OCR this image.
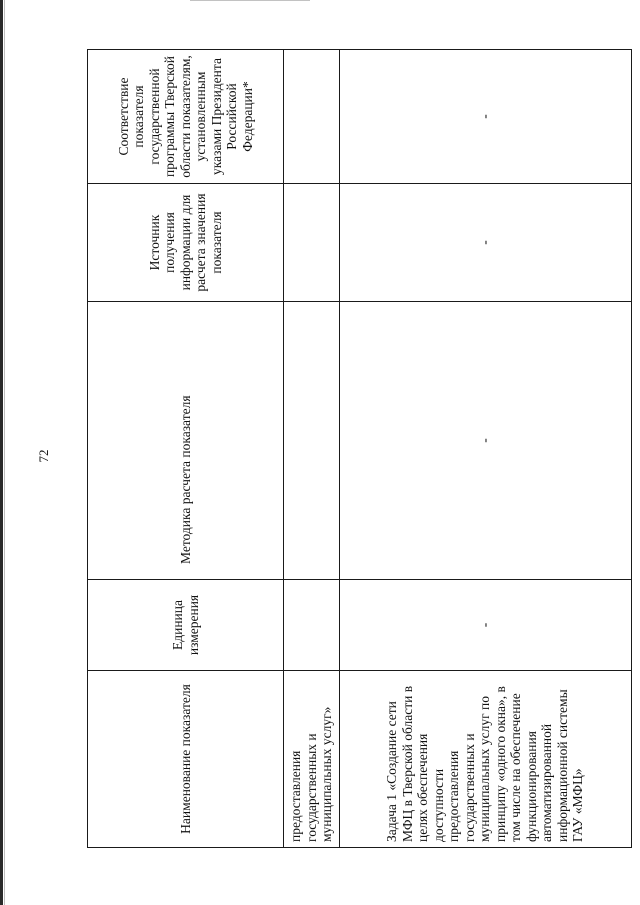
72
Наименование показателя	Единица измерения	Методика расчета показателя	Источник получения информации для расчета значения показателя	Соответствие показателя государственной программы Тверской области показателям, установленным указами Президента Российской Федерации*
предоставления государственных и муниципальных услуг»				
Задача 1 «Создание сети МФЦ в Тверской области в целях обеспечения доступности предоставления государственных и муниципальных услуг по принципу «одного окна», в том числе на обеспечение функционирования автоматизированной информационной системы ГАУ «МФЦ»	-	-	-	-
